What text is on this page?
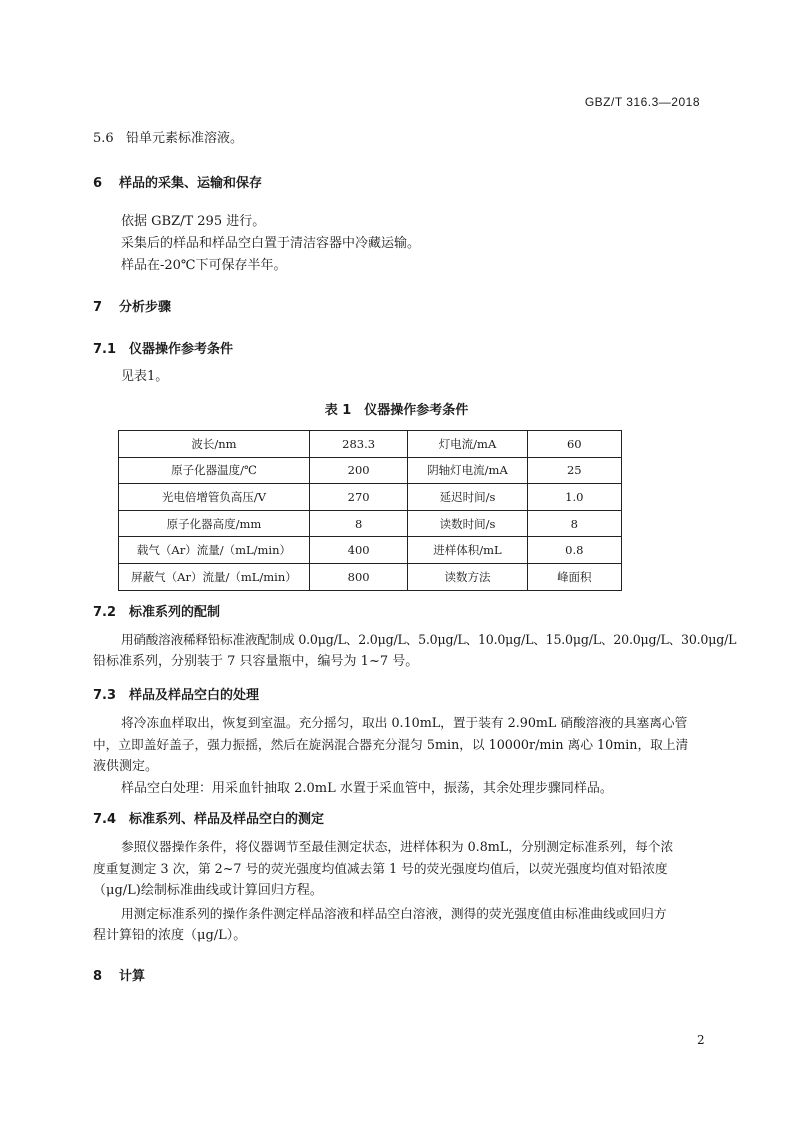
GBZ/T 316.3—2018
5.6 铅单元素标准溶液。
6 样品的采集、运输和保存
依据 GBZ/T 295 进行。
采集后的样品和样品空白置于清洁容器中冷藏运输。
样品在-20℃下可保存半年。
7 分析步骤
7.1 仪器操作参考条件
见表1。
表 1　仪器操作参考条件
波长/nm	283.3	灯电流/mA	60
原子化器温度/℃	200	阴轴灯电流/mA	25
光电倍增管负高压/V	270	延迟时间/s	1.0
原子化器高度/mm	8	读数时间/s	8
载气（Ar）流量/（mL/min）	400	进样体积/mL	0.8
屏蔽气（Ar）流量/（mL/min）	800	读数方法	峰面积
7.2 标准系列的配制
用硝酸溶液稀释铅标准液配制成 0.0μg/L、2.0μg/L、5.0μg/L、10.0μg/L、15.0μg/L、20.0μg/L、30.0μg/L
铅标准系列，分别装于 7 只容量瓶中，编号为 1~7 号。
7.3 样品及样品空白的处理
将冷冻血样取出，恢复到室温。充分摇匀，取出 0.10mL，置于装有 2.90mL 硝酸溶液的具塞离心管
中，立即盖好盖子，强力振摇，然后在旋涡混合器充分混匀 5min，以 10000r/min 离心 10min，取上清
液供测定。
样品空白处理：用采血针抽取 2.0mL 水置于采血管中，振荡，其余处理步骤同样品。
7.4 标准系列、样品及样品空白的测定
参照仪器操作条件，将仪器调节至最佳测定状态，进样体积为 0.8mL，分别测定标准系列，每个浓
度重复测定 3 次，第 2~7 号的荧光强度均值减去第 1 号的荧光强度均值后，以荧光强度均值对铅浓度
（μg/L)绘制标准曲线或计算回归方程。
用测定标准系列的操作条件测定样品溶液和样品空白溶液，测得的荧光强度值由标准曲线或回归方
程计算铅的浓度（μg/L）。
8 计算
2
